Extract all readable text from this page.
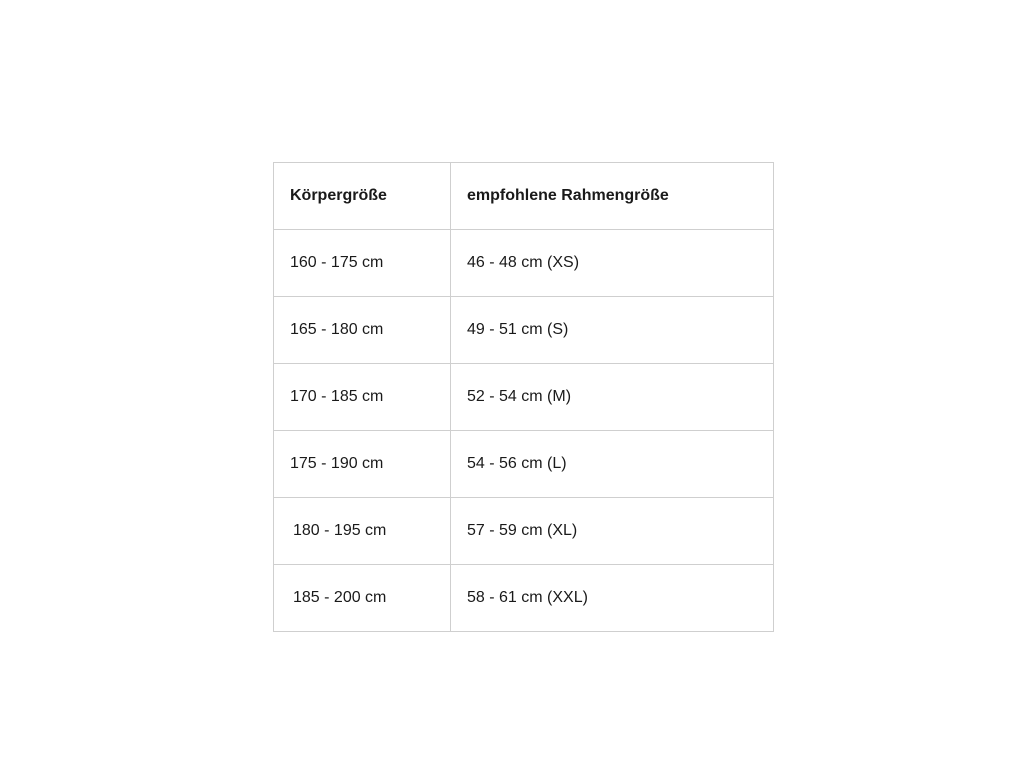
Körpergröße	empfohlene Rahmengröße
160 - 175 cm	46 - 48 cm (XS)
165 - 180 cm	49 - 51 cm (S)
170 - 185 cm	52 - 54 cm (M)
175 - 190 cm	54 - 56 cm (L)
180 - 195 cm	57 - 59 cm (XL)
185 - 200 cm	58 - 61 cm (XXL)
